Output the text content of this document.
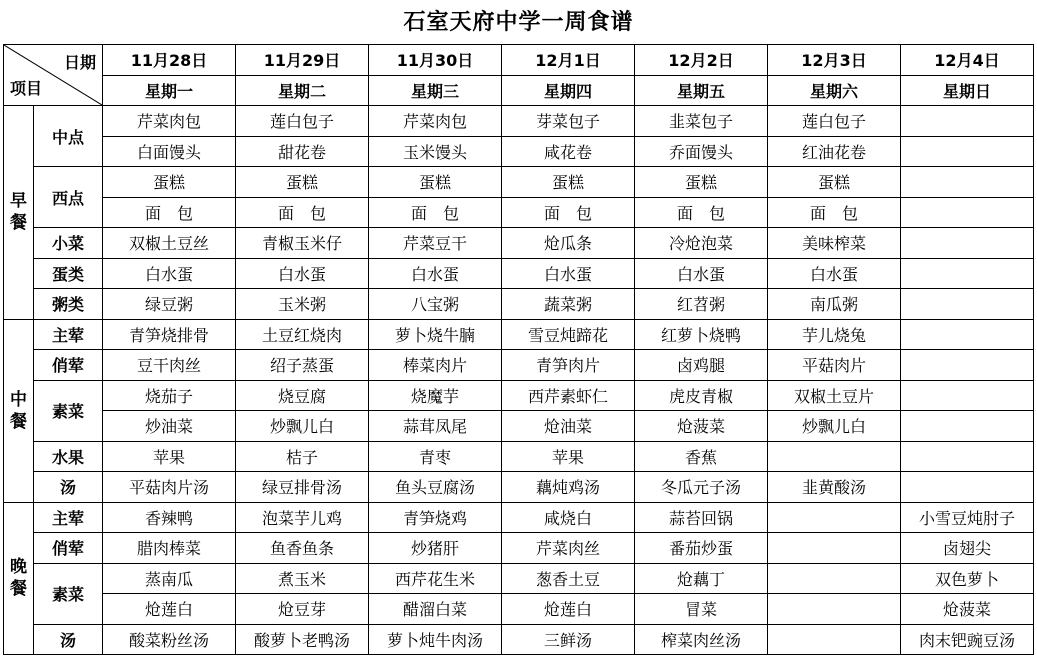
石室天府中学一周食谱
日期
项目		11月28日	11月29日	11月30日	12月1日	12月2日	12月3日	12月4日
		星期一	星期二	星期三	星期四	星期五	星期六	星期日
早餐	中点	芹菜肉包	莲白包子	芹菜肉包	芽菜包子	韭菜包子	莲白包子	
		白面馒头	甜花卷	玉米馒头	咸花卷	乔面馒头	红油花卷	
	西点	蛋糕	蛋糕	蛋糕	蛋糕	蛋糕	蛋糕	
		面　包	面　包	面　包	面　包	面　包	面　包	
	小菜	双椒土豆丝	青椒玉米仔	芹菜豆干	炝瓜条	冷炝泡菜	美味榨菜	
	蛋类	白水蛋	白水蛋	白水蛋	白水蛋	白水蛋	白水蛋	
	粥类	绿豆粥	玉米粥	八宝粥	蔬菜粥	红苕粥	南瓜粥	
中餐	主荤	青笋烧排骨	土豆红烧肉	萝卜烧牛腩	雪豆炖蹄花	红萝卜烧鸭	芋儿烧兔	
	俏荤	豆干肉丝	绍子蒸蛋	棒菜肉片	青笋肉片	卤鸡腿	平菇肉片	
	素菜	烧茄子	烧豆腐	烧魔芋	西芹素虾仁	虎皮青椒	双椒土豆片	
		炒油菜	炒飘儿白	蒜茸凤尾	炝油菜	炝菠菜	炒飘儿白	
	水果	苹果	桔子	青枣	苹果	香蕉		
	汤	平菇肉片汤	绿豆排骨汤	鱼头豆腐汤	藕炖鸡汤	冬瓜元子汤	韭黄酸汤	
晚餐	主荤	香辣鸭	泡菜芋儿鸡	青笋烧鸡	咸烧白	蒜苔回锅		小雪豆炖肘子
	俏荤	腊肉棒菜	鱼香鱼条	炒猪肝	芹菜肉丝	番茄炒蛋		卤翅尖
	素菜	蒸南瓜	煮玉米	西芹花生米	葱香土豆	炝藕丁		双色萝卜
		炝莲白	炝豆芽	醋溜白菜	炝莲白	冒菜		炝菠菜
	汤	酸菜粉丝汤	酸萝卜老鸭汤	萝卜炖牛肉汤	三鲜汤	榨菜肉丝汤		肉末钯豌豆汤
